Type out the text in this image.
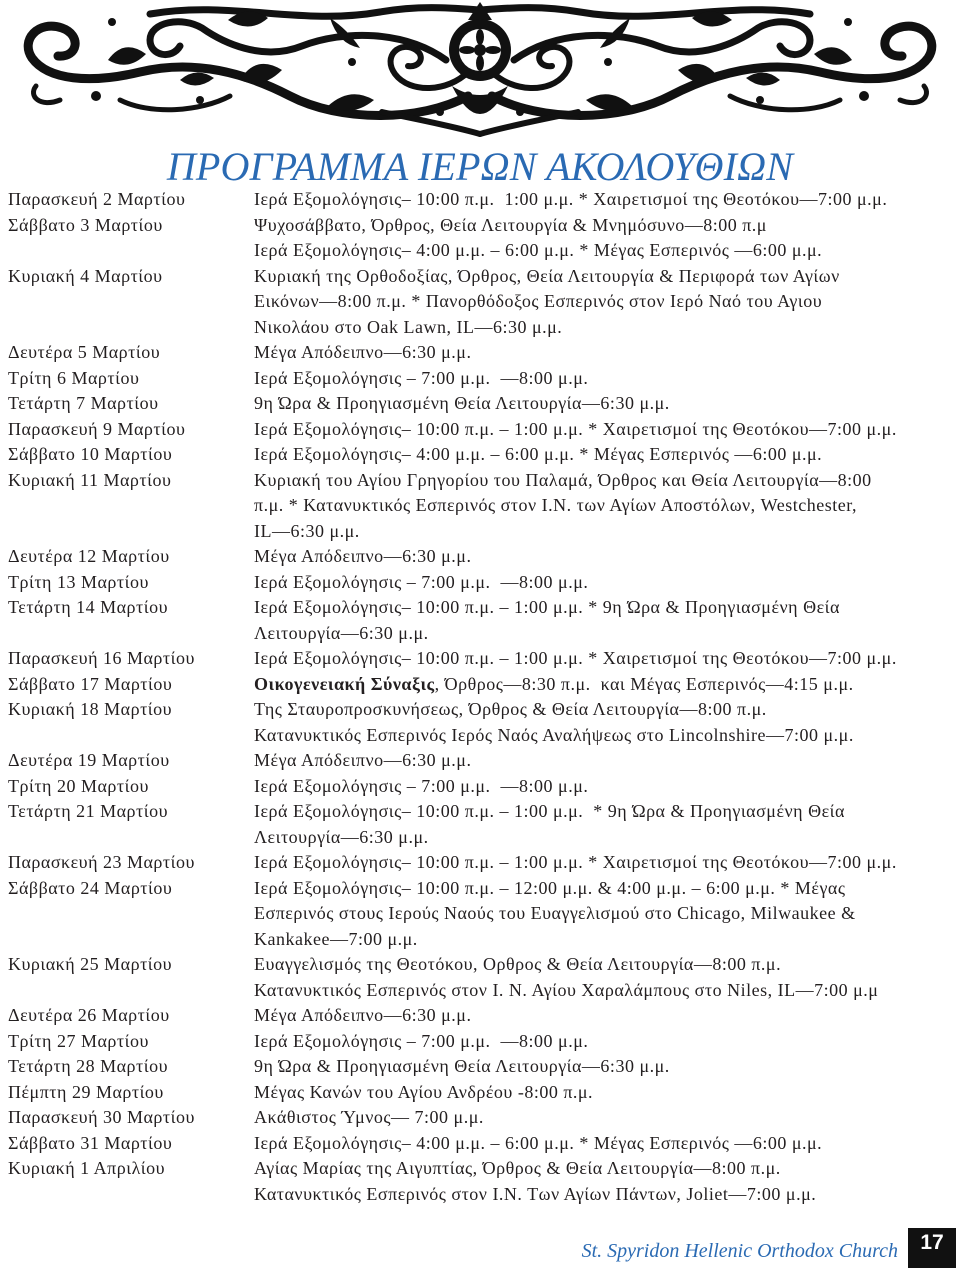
ΠΡΟΓΡΑΜΜΑ ΙΕΡΩΝ ΑΚΟΛΟΥΘΙΩΝ
Παρασκευή 2 Μαρτίου	Ιερά Εξομολόγησις– 10:00 π.μ.  1:00 μ.μ. * Χαιρετισμοί της Θεοτόκου—7:00 μ.μ.
Σάββατο 3 Μαρτίου	Ψυχοσάββατο, Όρθρος, Θεία Λειτουργία & Μνημόσυνο—8:00 π.μ
Ιερά Εξομολόγησις– 4:00 μ.μ. – 6:00 μ.μ. * Μέγας Εσπερινός —6:00 μ.μ.
Κυριακή 4 Μαρτίου	Κυριακή της Ορθοδοξίας, Όρθρος, Θεία Λειτουργία & Περιφορά των Αγίων
Εικόνων—8:00 π.μ. * Πανορθόδοξος Εσπερινός στον Ιερό Ναό του Αγιου
Νικολάου στο Oak Lawn, IL—6:30 μ.μ.
Δευτέρα 5 Μαρτίου	Μέγα Απόδειπνο—6:30 μ.μ.
Τρίτη 6 Μαρτίου	Ιερά Εξομολόγησις – 7:00 μ.μ.  —8:00 μ.μ.
Τετάρτη 7 Μαρτίου	9η Ώρα & Προηγιασμένη Θεία Λειτουργία—6:30 μ.μ.
Παρασκευή 9 Μαρτίου	Ιερά Εξομολόγησις– 10:00 π.μ. – 1:00 μ.μ. * Χαιρετισμοί της Θεοτόκου—7:00 μ.μ.
Σάββατο 10 Μαρτίου	Ιερά Εξομολόγησις– 4:00 μ.μ. – 6:00 μ.μ. * Μέγας Εσπερινός —6:00 μ.μ.
Κυριακή 11 Μαρτίου	Κυριακή του Αγίου Γρηγορίου του Παλαμά, Όρθρος και Θεία Λειτουργία—8:00
π.μ. * Κατανυκτικός Εσπερινός στον Ι.Ν. των Αγίων Αποστόλων, Westchester,
IL—6:30 μ.μ.
Δευτέρα 12 Μαρτίου	Μέγα Απόδειπνο—6:30 μ.μ.
Τρίτη 13 Μαρτίου	Ιερά Εξομολόγησις – 7:00 μ.μ.  —8:00 μ.μ.
Τετάρτη 14 Μαρτίου	Ιερά Εξομολόγησις– 10:00 π.μ. – 1:00 μ.μ. * 9η Ώρα & Προηγιασμένη Θεία
Λειτουργία—6:30 μ.μ.
Παρασκευή 16 Μαρτίου	Ιερά Εξομολόγησις– 10:00 π.μ. – 1:00 μ.μ. * Χαιρετισμοί της Θεοτόκου—7:00 μ.μ.
Σάββατο 17 Μαρτίου	Οικογενειακή Σύναξις, Όρθρος—8:30 π.μ.  και Μέγας Εσπερινός—4:15 μ.μ.
Κυριακή 18 Μαρτίου	Της Σταυροπροσκυνήσεως, Όρθρος & Θεία Λειτουργία—8:00 π.μ.
Κατανυκτικός Εσπερινός Ιερός Ναός Αναλήψεως στο Lincolnshire—7:00 μ.μ.
Δευτέρα 19 Μαρτίου	Μέγα Απόδειπνο—6:30 μ.μ.
Τρίτη 20 Μαρτίου	Ιερά Εξομολόγησις – 7:00 μ.μ.  —8:00 μ.μ.
Τετάρτη 21 Μαρτίου	Ιερά Εξομολόγησις– 10:00 π.μ. – 1:00 μ.μ.  * 9η Ώρα & Προηγιασμένη Θεία
Λειτουργία—6:30 μ.μ.
Παρασκευή 23 Μαρτίου	Ιερά Εξομολόγησις– 10:00 π.μ. – 1:00 μ.μ. * Χαιρετισμοί της Θεοτόκου—7:00 μ.μ.
Σάββατο 24 Μαρτίου	Ιερά Εξομολόγησις– 10:00 π.μ. – 12:00 μ.μ. & 4:00 μ.μ. – 6:00 μ.μ. * Μέγας
Εσπερινός στους Ιερούς Ναούς του Ευαγγελισμού στο Chicago, Milwaukee &
Kankakee—7:00 μ.μ.
Κυριακή 25 Μαρτίου	Ευαγγελισμός της Θεοτόκου, Ορθρος & Θεία Λειτουργία—8:00 π.μ.
Κατανυκτικός Εσπερινός στον Ι. Ν. Αγίου Χαραλάμπους στο Niles, IL—7:00 μ.μ
Δευτέρα 26 Μαρτίου	Μέγα Απόδειπνο—6:30 μ.μ.
Τρίτη 27 Μαρτίου	Ιερά Εξομολόγησις – 7:00 μ.μ.  —8:00 μ.μ.
Τετάρτη 28 Μαρτίου	9η Ώρα & Προηγιασμένη Θεία Λειτουργία—6:30 μ.μ.
Πέμπτη 29 Μαρτίου	Μέγας Κανών του Αγίου Ανδρέου -8:00 π.μ.
Παρασκευή 30 Μαρτίου	Ακάθιστος Ύμνος— 7:00 μ.μ.
Σάββατο 31 Μαρτίου	Ιερά Εξομολόγησις– 4:00 μ.μ. – 6:00 μ.μ. * Μέγας Εσπερινός —6:00 μ.μ.
Κυριακή 1 Απριλίου	Αγίας Μαρίας της Αιγυπτίας, Όρθρος & Θεία Λειτουργία—8:00 π.μ.
Κατανυκτικός Εσπερινός στον Ι.Ν. Των Αγίων Πάντων, Joliet—7:00 μ.μ.
St. Spyridon Hellenic Orthodox Church	17
